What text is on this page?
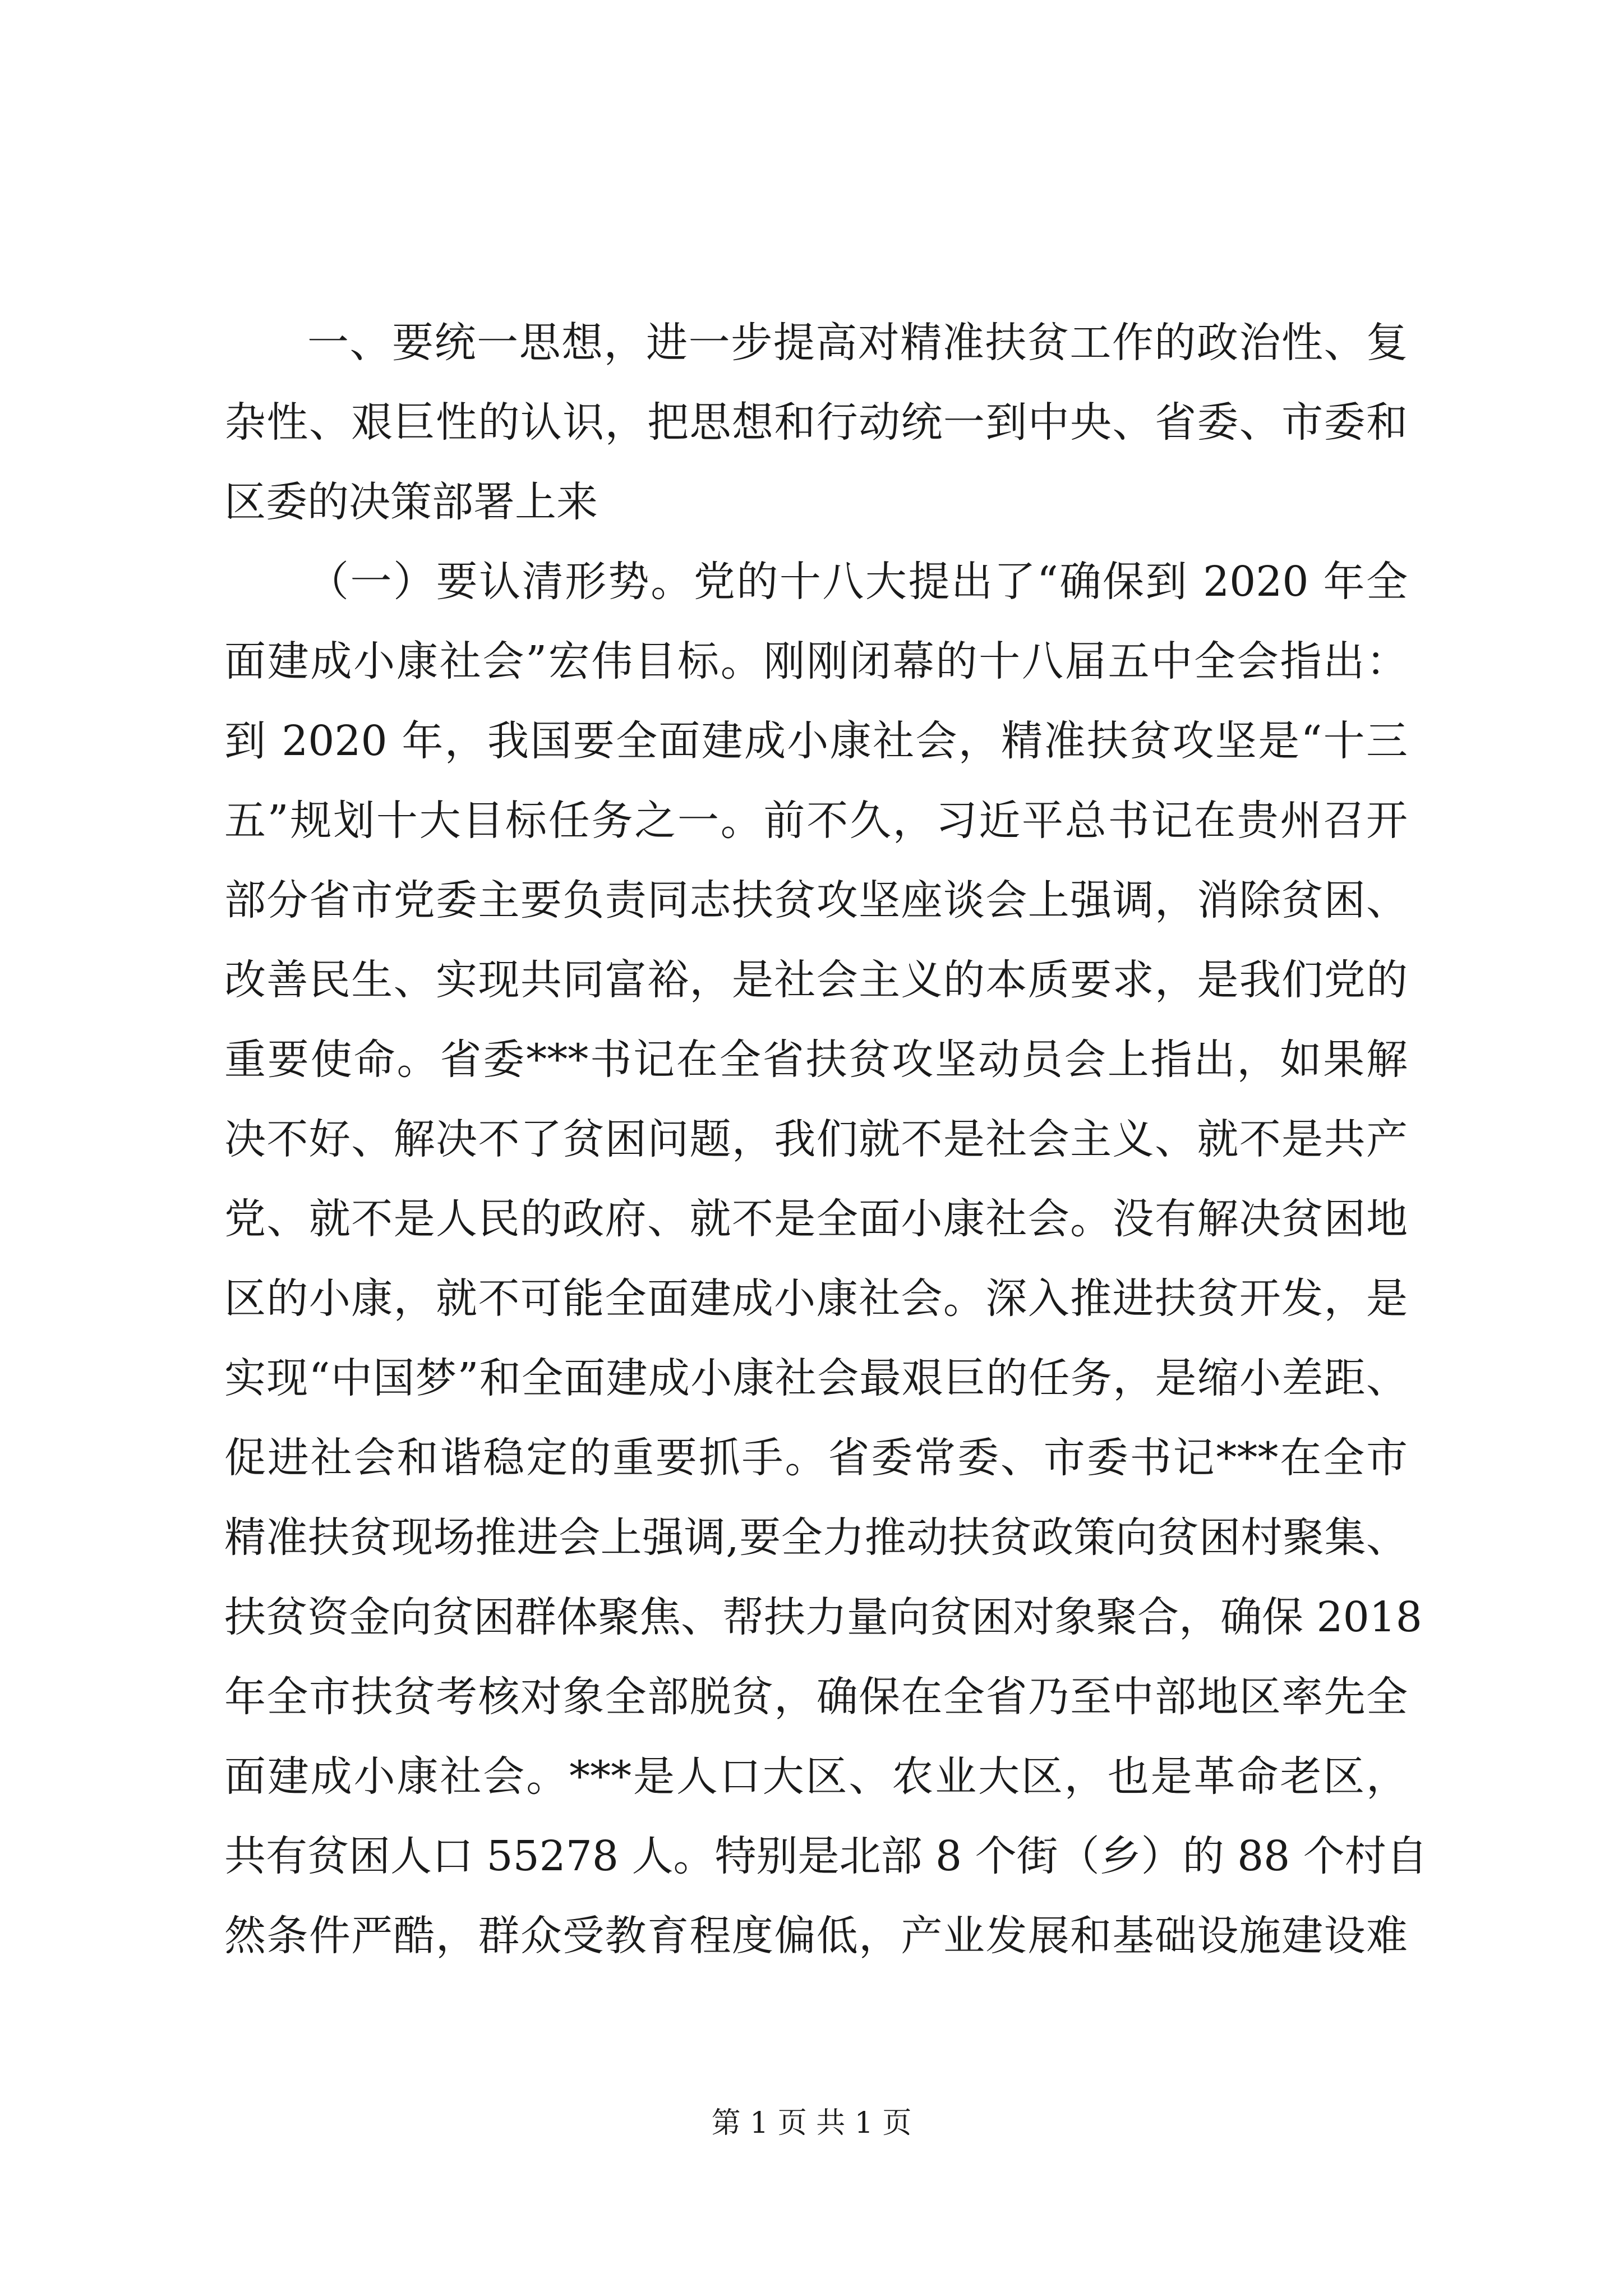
一、要统一思想，进一步提高对精准扶贫工作的政治性、复
杂性、艰巨性的认识，把思想和行动统一到中央、省委、市委和
区委的决策部署上来
（一）要认清形势。党的十八大提出了“确保到 2020 年全
面建成小康社会”宏伟目标。刚刚闭幕的十八届五中全会指出：
到 2020 年，我国要全面建成小康社会，精准扶贫攻坚是“十三
五”规划十大目标任务之一。前不久，习近平总书记在贵州召开
部分省市党委主要负责同志扶贫攻坚座谈会上强调，消除贫困、
改善民生、实现共同富裕，是社会主义的本质要求，是我们党的
重要使命。省委***书记在全省扶贫攻坚动员会上指出，如果解
决不好、解决不了贫困问题，我们就不是社会主义、就不是共产
党、就不是人民的政府、就不是全面小康社会。没有解决贫困地
区的小康，就不可能全面建成小康社会。深入推进扶贫开发，是
实现“中国梦”和全面建成小康社会最艰巨的任务，是缩小差距、
促进社会和谐稳定的重要抓手。省委常委、市委书记***在全市
精准扶贫现场推进会上强调,要全力推动扶贫政策向贫困村聚集、
扶贫资金向贫困群体聚焦、帮扶力量向贫困对象聚合，确保 2018
年全市扶贫考核对象全部脱贫，确保在全省乃至中部地区率先全
面建成小康社会。***是人口大区、农业大区，也是革命老区，
共有贫困人口 55278 人。特别是北部 8 个街（乡）的 88 个村自
然条件严酷，群众受教育程度偏低，产业发展和基础设施建设难
第 1 页 共 1 页
